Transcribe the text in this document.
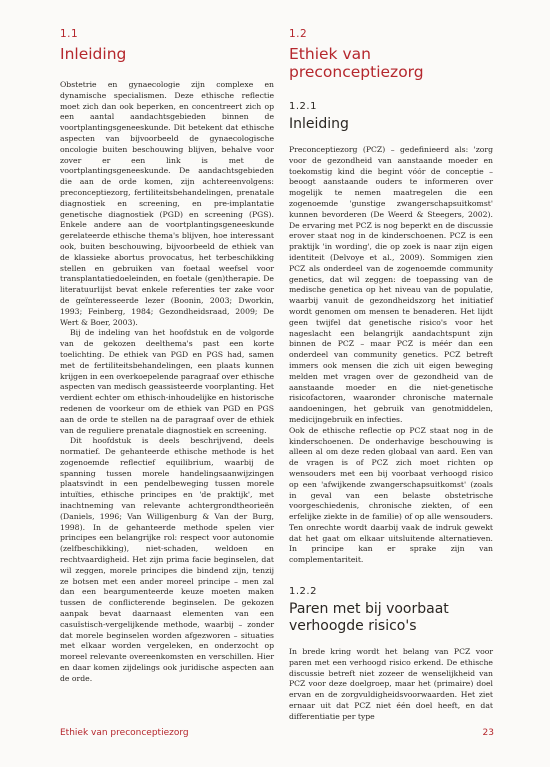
1.1
Inleiding

Obstetrie en gynaecologie zijn complexe en dynamische specialismen. Deze ethische reflectie moet zich dan ook beperken, en concentreert zich op een aantal aandachtsgebieden binnen de voortplantingsgeneeskunde. Dit betekent dat ethische aspecten van bijvoorbeeld de gynaecologische oncologie buiten beschouwing blijven, behalve voor zover er een link is met de voortplantingsgeneeskunde. De aandachtsgebieden die aan de orde komen, zijn achtereenvolgens: preconceptiezorg, fertiliteitsbehandelingen, prenatale diagnostiek en screening, en pre-implantatie genetische diagnostiek (PGD) en screening (PGS). Enkele andere aan de voortplantingsgeneeskunde gerelateerde ethische thema's blijven, hoe interessant ook, buiten beschouwing, bijvoorbeeld de ethiek van de klassieke abortus provocatus, het terbeschikking stellen en gebruiken van foetaal weefsel voor transplantatiedoeleinden, en foetale (gen)therapie. De literatuurlijst bevat enkele referenties ter zake voor de geïnteresseerde lezer (Boonin, 2003; Dworkin, 1993; Feinberg, 1984; Gezondheidsraad, 2009; De Wert & Boer, 2003).

Bij de indeling van het hoofdstuk en de volgorde van de gekozen deelthema's past een korte toelichting. De ethiek van PGD en PGS had, samen met de fertiliteitsbehandelingen, een plaats kunnen krijgen in een overkoepelende paragraaf over ethische aspecten van medisch geassisteerde voorplanting. Het verdient echter om ethisch-inhoudelijke en historische redenen de voorkeur om de ethiek van PGD en PGS aan de orde te stellen na de paragraaf over de ethiek van de reguliere prenatale diagnostiek en screening.

Dit hoofdstuk is deels beschrijvend, deels normatief. De gehanteerde ethische methode is het zogenoemde reflectief equilibrium, waarbij de spanning tussen morele handelingsaanwijzingen plaatsvindt in een pendelbeweging tussen morele intuïties, ethische principes en 'de praktijk', met inachtneming van relevante achtergrondtheorieën (Daniels, 1996; Van Willigenburg & Van der Burg, 1998). In de gehanteerde methode spelen vier principes een belangrijke rol: respect voor autonomie (zelfbeschikking), niet-schaden, weldoen en rechtvaardigheid. Het zijn prima facie beginselen, dat wil zeggen, morele principes die bindend zijn, tenzij ze botsen met een ander moreel principe – men zal dan een beargumenteerde keuze moeten maken tussen de conflicterende beginselen. De gekozen aanpak bevat daarnaast elementen van een casuïstisch-vergelijkende methode, waarbij – zonder dat morele beginselen worden afgezworen – situaties met elkaar worden vergeleken, en onderzocht op moreel relevante overeenkomsten en verschillen. Hier en daar komen zijdelings ook juridische aspecten aan de orde.

1.2
Ethiek van preconceptiezorg
1.2.1
Inleiding

Preconceptiezorg (PCZ) – gedefinieerd als: 'zorg voor de gezondheid van aanstaande moeder en toekomstig kind die begint vóór de conceptie – beoogt aanstaande ouders te informeren over mogelijk te nemen maatregelen die een zogenoemde 'gunstige zwangerschapsuitkomst' kunnen bevorderen (De Weerd & Steegers, 2002). De ervaring met PCZ is nog beperkt en de discussie erover staat nog in de kinderschoenen. PCZ is een praktijk 'in wording', die op zoek is naar zijn eigen identiteit (Delvoye et al., 2009). Sommigen zien PCZ als onderdeel van de zogenoemde community genetics, dat wil zeggen: de toepassing van de medische genetica op het niveau van de populatie, waarbij vanuit de gezondheidszorg het initiatief wordt genomen om mensen te benaderen. Het lijdt geen twijfel dat genetische risico's voor het nageslacht een belangrijk aandachtspunt zijn binnen de PCZ – maar PCZ is méér dan een onderdeel van community genetics. PCZ betreft immers ook mensen die zich uit eigen beweging melden met vragen over de gezondheid van de aanstaande moeder en die niet-genetische risicofactoren, waaronder chronische maternale aandoeningen, het gebruik van genotmiddelen, medicijngebruik en infecties.

Ook de ethische reflectie op PCZ staat nog in de kinderschoenen. De onderhavige beschouwing is alleen al om deze reden globaal van aard. Een van de vragen is of PCZ zich moet richten op wensouders met een bij voorbaat verhoogd risico op een 'afwijkende zwangerschapsuitkomst' (zoals in geval van een belaste obstetrische voorgeschiedenis, chronische ziekten, of een erfelijke ziekte in de familie) of op alle wensouders. Ten onrechte wordt daarbij vaak de indruk gewekt dat het gaat om elkaar uitsluitende alternatieven. In principe kan er sprake zijn van complementariteit.

1.2.2
Paren met bij voorbaat verhoogde risico's

In brede kring wordt het belang van PCZ voor paren met een verhoogd risico erkend. De ethische discussie betreft niet zozeer de wenselijkheid van PCZ voor deze doelgroep, maar het (primaire) doel ervan en de zorgvuldigheidsvoorwaarden. Het ziet ernaar uit dat PCZ niet één doel heeft, en dat differentiatie per type

Ethiek van preconceptiezorg	23
